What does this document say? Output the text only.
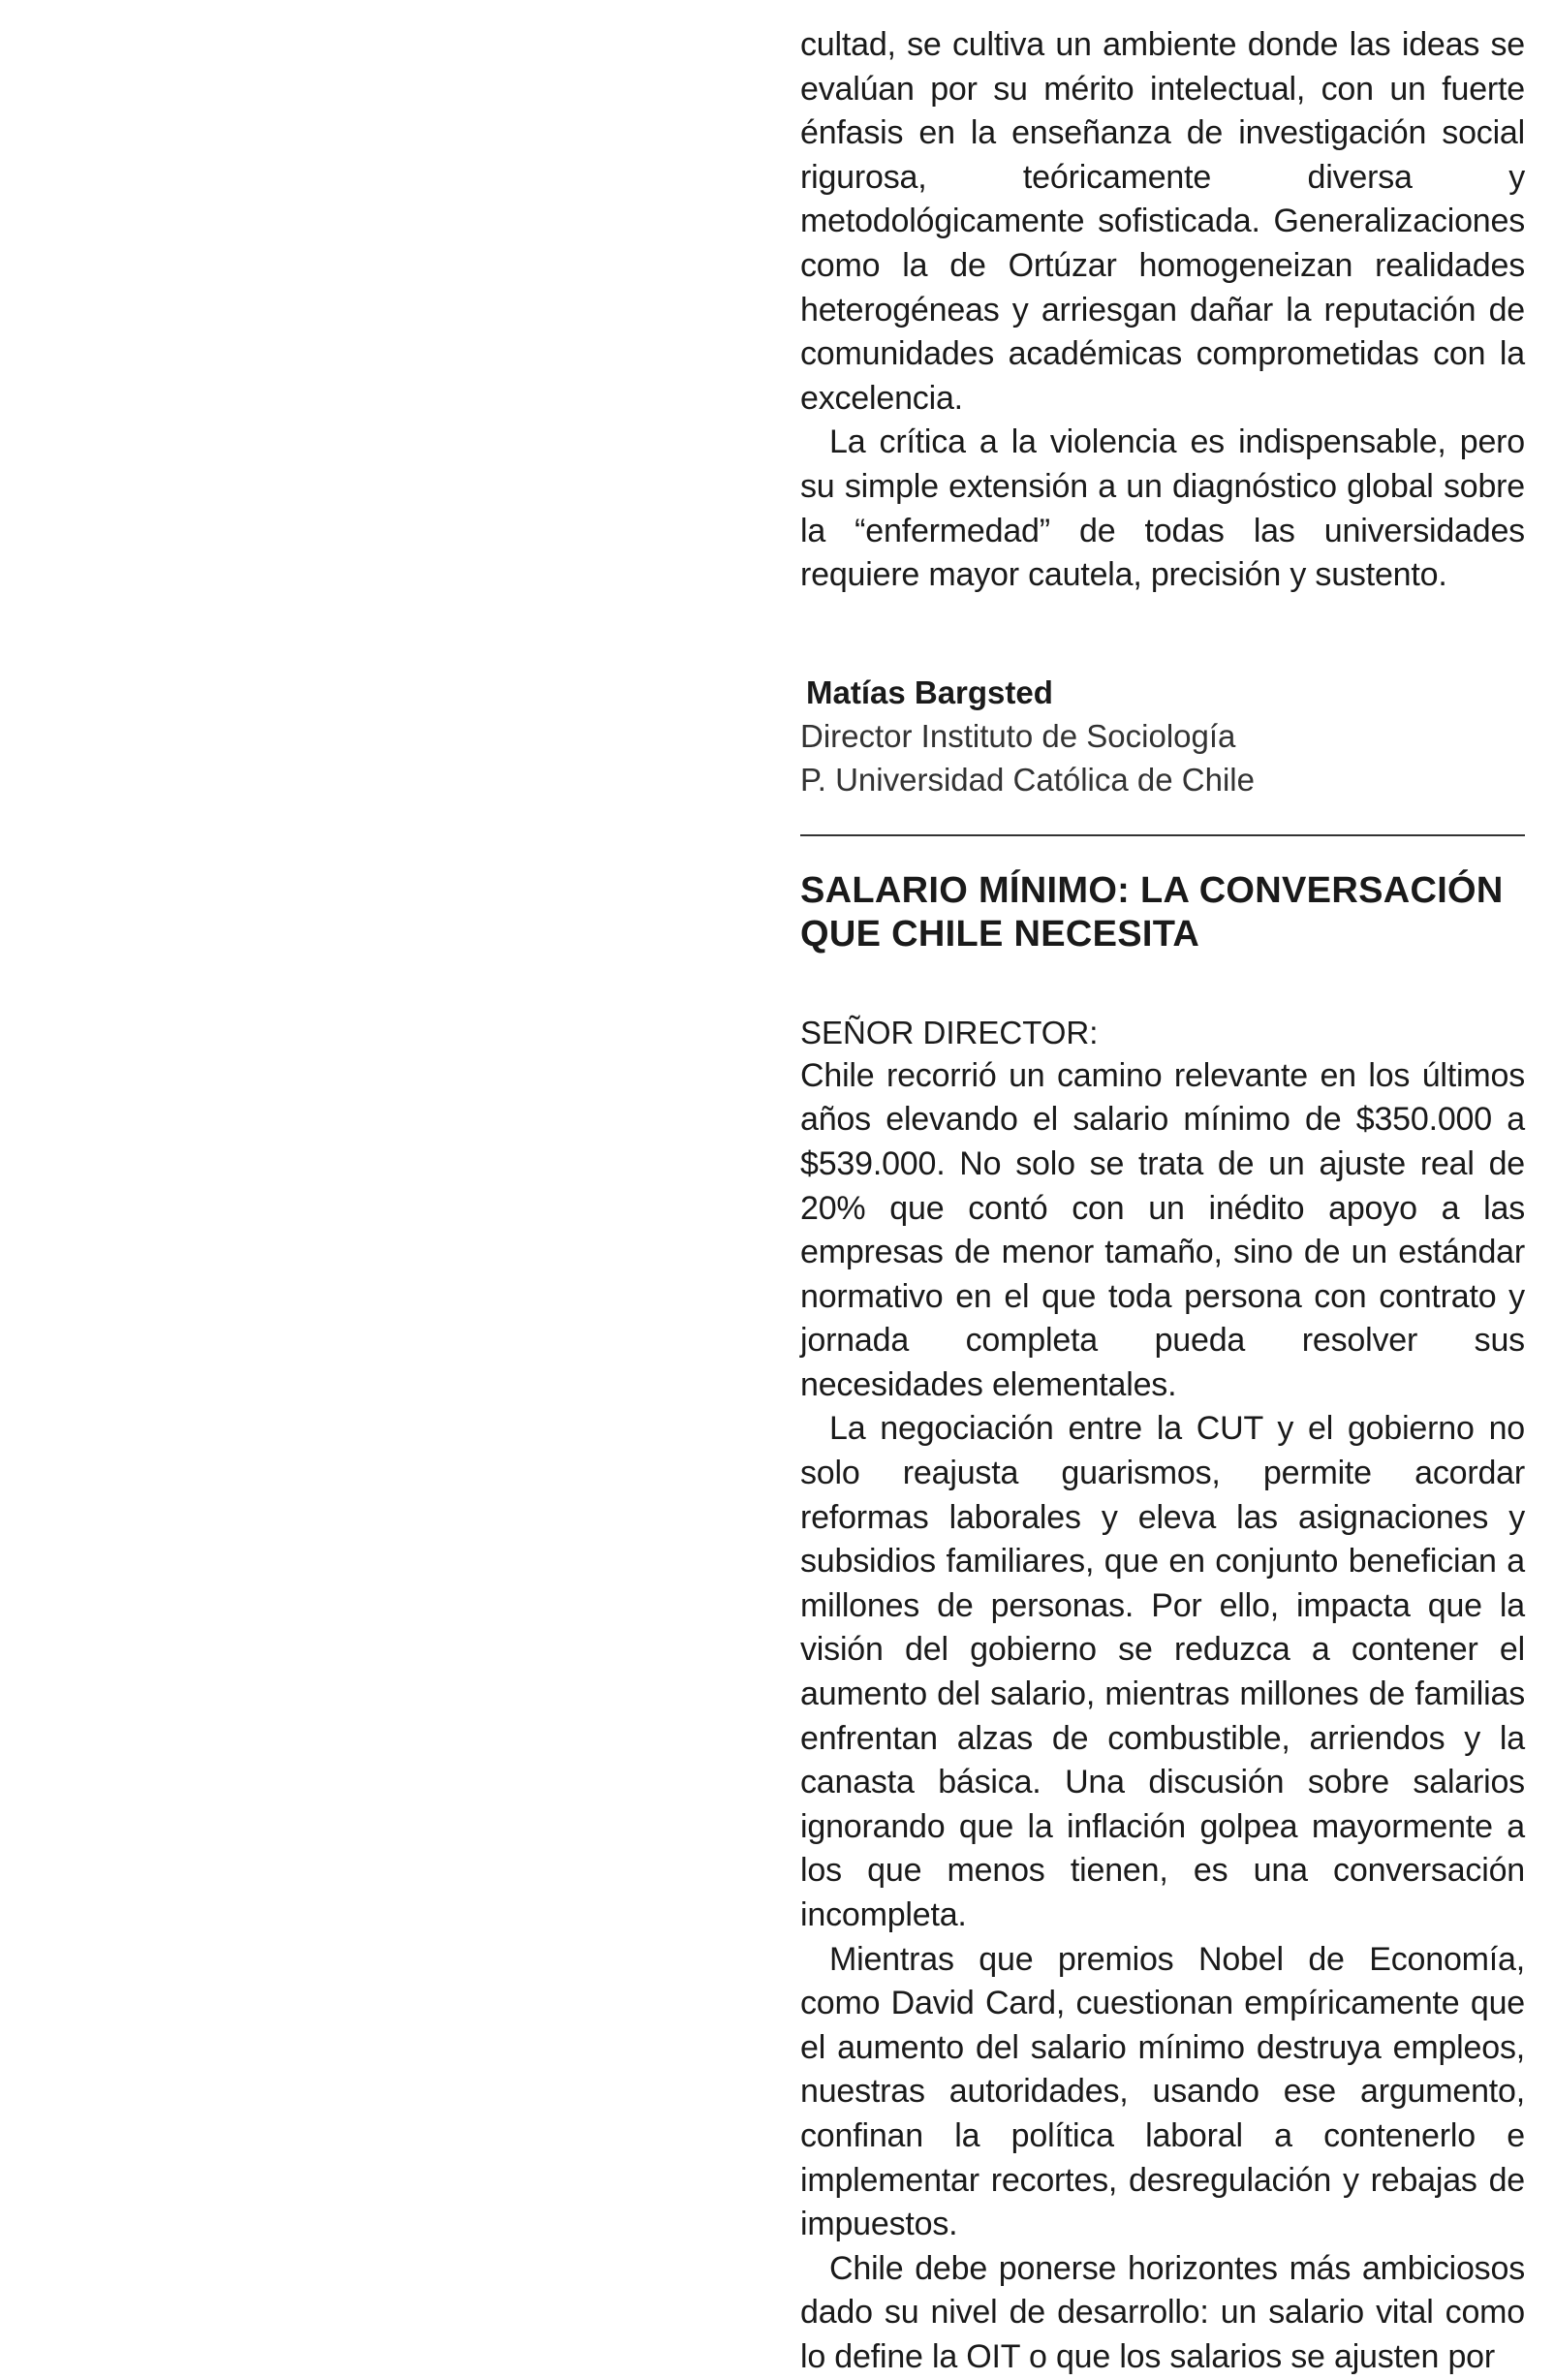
cultad, se cultiva un ambiente donde las ideas se evalúan por su mérito intelectual, con un fuerte énfasis en la enseñanza de investigación social rigurosa, teóricamente diversa y metodológicamente sofisticada. Generalizaciones como la de Ortúzar homogeneizan realidades heterogéneas y arriesgan dañar la reputación de comunidades académicas comprometidas con la excelencia.

La crítica a la violencia es indispensable, pero su simple extensión a un diagnóstico global sobre la “enfermedad” de todas las universidades requiere mayor cautela, precisión y sustento.

Matías Bargsted
Director Instituto de Sociología
P. Universidad Católica de Chile
SALARIO MÍNIMO: LA CONVERSACIÓN QUE CHILE NECESITA
SEÑOR DIRECTOR:

Chile recorrió un camino relevante en los últimos años elevando el salario mínimo de $350.000 a $539.000. No solo se trata de un ajuste real de 20% que contó con un inédito apoyo a las empresas de menor tamaño, sino de un estándar normativo en el que toda persona con contrato y jornada completa pueda resolver sus necesidades elementales.

La negociación entre la CUT y el gobierno no solo reajusta guarismos, permite acordar reformas laborales y eleva las asignaciones y subsidios familiares, que en conjunto benefician a millones de personas. Por ello, impacta que la visión del gobierno se reduzca a contener el aumento del salario, mientras millones de familias enfrentan alzas de combustible, arriendos y la canasta básica. Una discusión sobre salarios ignorando que la inflación golpea mayormente a los que menos tienen, es una conversación incompleta.

Mientras que premios Nobel de Economía, como David Card, cuestionan empíricamente que el aumento del salario mínimo destruya empleos, nuestras autoridades, usando ese argumento, confinan la política laboral a contenerlo e implementar recortes, desregulación y rebajas de impuestos.

Chile debe ponerse horizontes más ambiciosos dado su nivel de desarrollo: un salario vital como lo define la OIT o que los salarios se ajusten por
